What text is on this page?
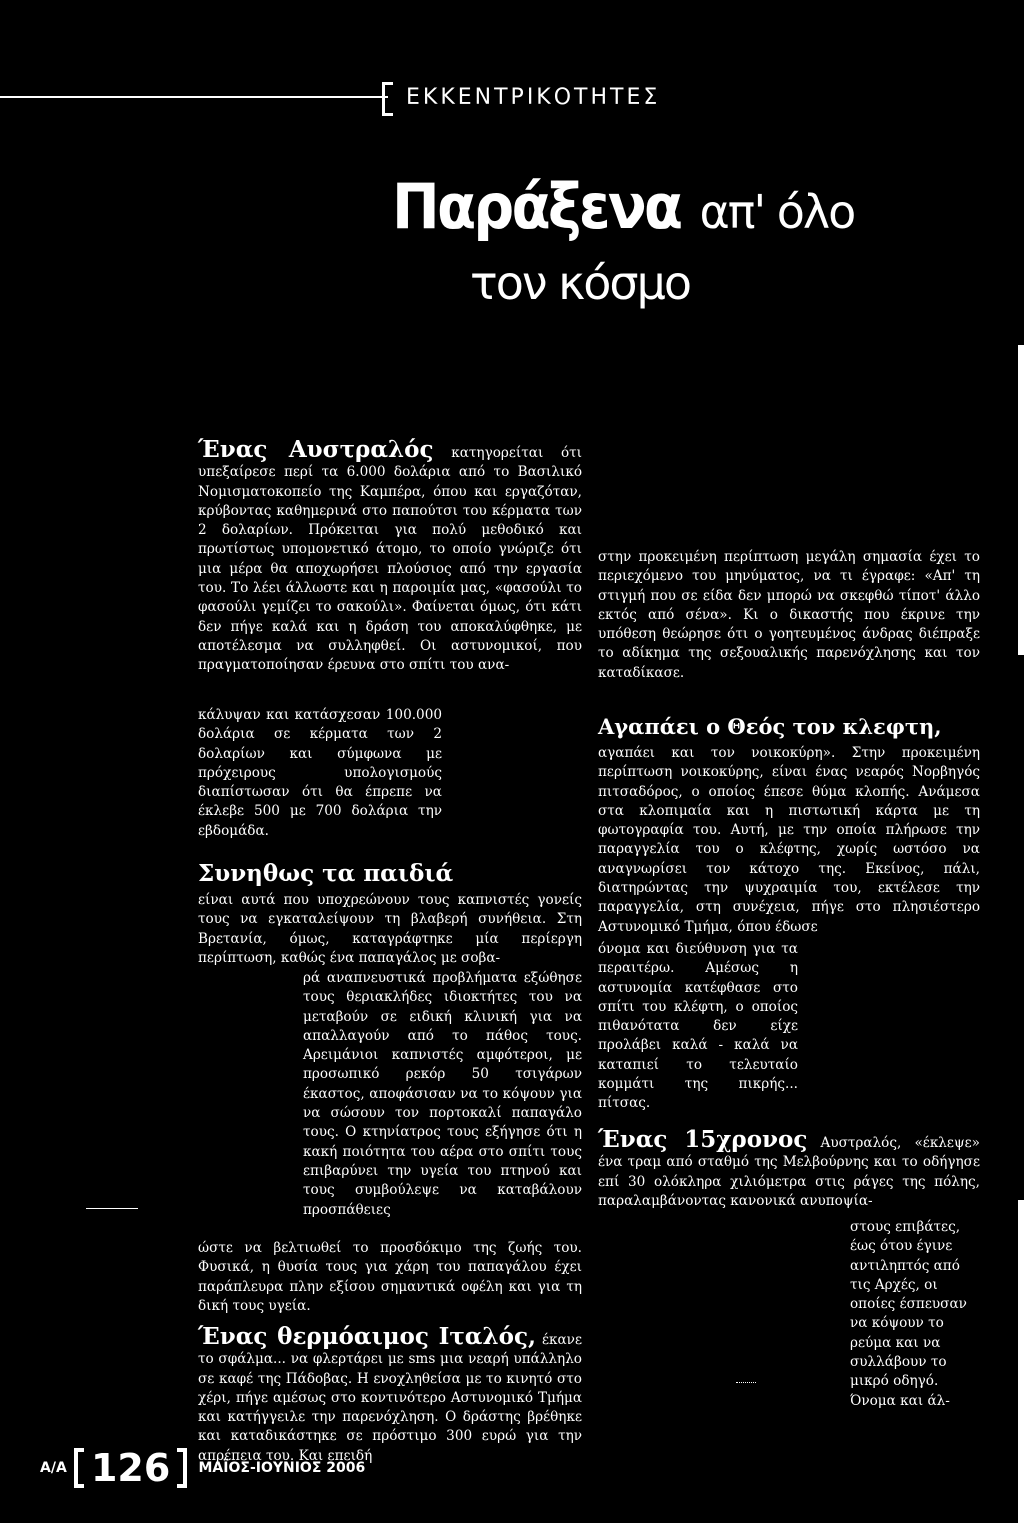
ΕΚΚΕΝΤΡΙΚΟΤΗΤΕΣ
Παράξενα απ' όλο
τον κόσμο

Ένας Αυστραλός κατηγορείται ότι υπεξαίρεσε περί τα 6.000 δολάρια από το Βασιλικό Νομισματοκοπείο της Καμπέρα, όπου και εργαζόταν, κρύβοντας καθημερινά στο παπούτσι του κέρματα των 2 δολαρίων. Πρόκειται για πολύ μεθοδικό και πρωτίστως υπομονετικό άτομο, το οποίο γνώριζε ότι μια μέρα θα αποχωρήσει πλούσιος από την εργασία του. Το λέει άλλωστε και η παροιμία μας, «φασούλι το φασούλι γεμίζει το σακούλι». Φαίνεται όμως, ότι κάτι δεν πήγε καλά και η δράση του αποκαλύφθηκε, με αποτέλεσμα να συλληφθεί. Οι αστυνομικοί, που πραγματοποίησαν έρευνα στο σπίτι του ανα-

κάλυψαν και κατάσχεσαν 100.000 δολάρια σε κέρματα των 2 δολαρίων και σύμφωνα με πρόχειρους υπολογισμούς διαπίστωσαν ότι θα έπρεπε να έκλεβε 500 με 700 δολάρια την εβδομάδα.

Συνηθως τα παιδιά

είναι αυτά που υποχρεώνουν τους καπνιστές γονείς τους να εγκαταλείψουν τη βλαβερή συνήθεια. Στη Βρετανία, όμως, καταγράφτηκε μία περίεργη περίπτωση, καθώς ένα παπαγάλος με σοβα-

ρά αναπνευστικά προβλήματα εξώθησε τους θεριακλήδες ιδιοκτήτες του να μεταβούν σε ειδική κλινική για να απαλλαγούν από το πάθος τους. Αρειμάνιοι καπνιστές αμφότεροι, με προσωπικό ρεκόρ 50 τσιγάρων έκαστος, αποφάσισαν να το κόψουν για να σώσουν τον πορτοκαλί παπαγάλο τους. Ο κτηνίατρος τους εξήγησε ότι η κακή ποιότητα του αέρα στο σπίτι τους επιβαρύνει την υγεία του πτηνού και τους συμβούλεψε να καταβάλουν προσπάθειες

ώστε να βελτιωθεί το προσδόκιμο της ζωής του. Φυσικά, η θυσία τους για χάρη του παπαγάλου έχει παράπλευρα πλην εξίσου σημαντικά οφέλη και για τη δική τους υγεία.

Ένας θερμόαιμος Ιταλός, έκανε το σφάλμα... να φλερτάρει με sms μια νεαρή υπάλληλο σε καφέ της Πάδοβας. Η ενοχληθείσα με το κινητό στο χέρι, πήγε αμέσως στο κοντινότερο Αστυνομικό Τμήμα και κατήγγειλε την παρενόχληση. Ο δράστης βρέθηκε και καταδικάστηκε σε πρόστιμο 300 ευρώ για την απρέπεια του. Και επειδή

στην προκειμένη περίπτωση μεγάλη σημασία έχει το περιεχόμενο του μηνύματος, να τι έγραφε: «Απ' τη στιγμή που σε είδα δεν μπορώ να σκεφθώ τίποτ' άλλο εκτός από σένα». Κι ο δικαστής που έκρινε την υπόθεση θεώρησε ότι ο γοητευμένος άνδρας διέπραξε το αδίκημα της σεξουαλικής παρενόχλησης και τον καταδίκασε.

Αγαπάει ο Θεός τον κλεφτη,

αγαπάει και τον νοικοκύρη». Στην προκειμένη περίπτωση νοικοκύρης, είναι ένας νεαρός Νορβηγός πιτσαδόρος, ο οποίος έπεσε θύμα κλοπής. Ανάμεσα στα κλοπιμαία και η πιστωτική κάρτα με τη φωτογραφία του. Αυτή, με την οποία πλήρωσε την παραγγελία του ο κλέφτης, χωρίς ωστόσο να αναγνωρίσει τον κάτοχο της. Εκείνος, πάλι, διατηρώντας την ψυχραιμία του, εκτέλεσε την παραγγελία, στη συνέχεια, πήγε στο πλησιέστερο Αστυνομικό Τμήμα, όπου έδωσε

όνομα και διεύθυνση για τα περαιτέρω. Αμέσως η αστυνομία κατέφθασε στο σπίτι του κλέφτη, ο οποίος πιθανότατα δεν είχε προλάβει καλά - καλά να καταπιεί το τελευταίο κομμάτι της πικρής... πίτσας.

Ένας 15χρονος Αυστραλός, «έκλεψε» ένα τραμ από σταθμό της Μελβούρνης και το οδήγησε επί 30 ολόκληρα χιλιόμετρα στις ράγες της πόλης, παραλαμβάνοντας κανονικά ανυποψία-

στους επιβάτες, έως ότου έγινε αντιληπτός από τις Αρχές, οι οποίες έσπευσαν να κόψουν το ρεύμα και να συλλάβουν το μικρό οδηγό. Όνομα και άλ-

Α/Α 126 ΜΑΪΟΣ-ΙΟΥΝΙΟΣ 2006
